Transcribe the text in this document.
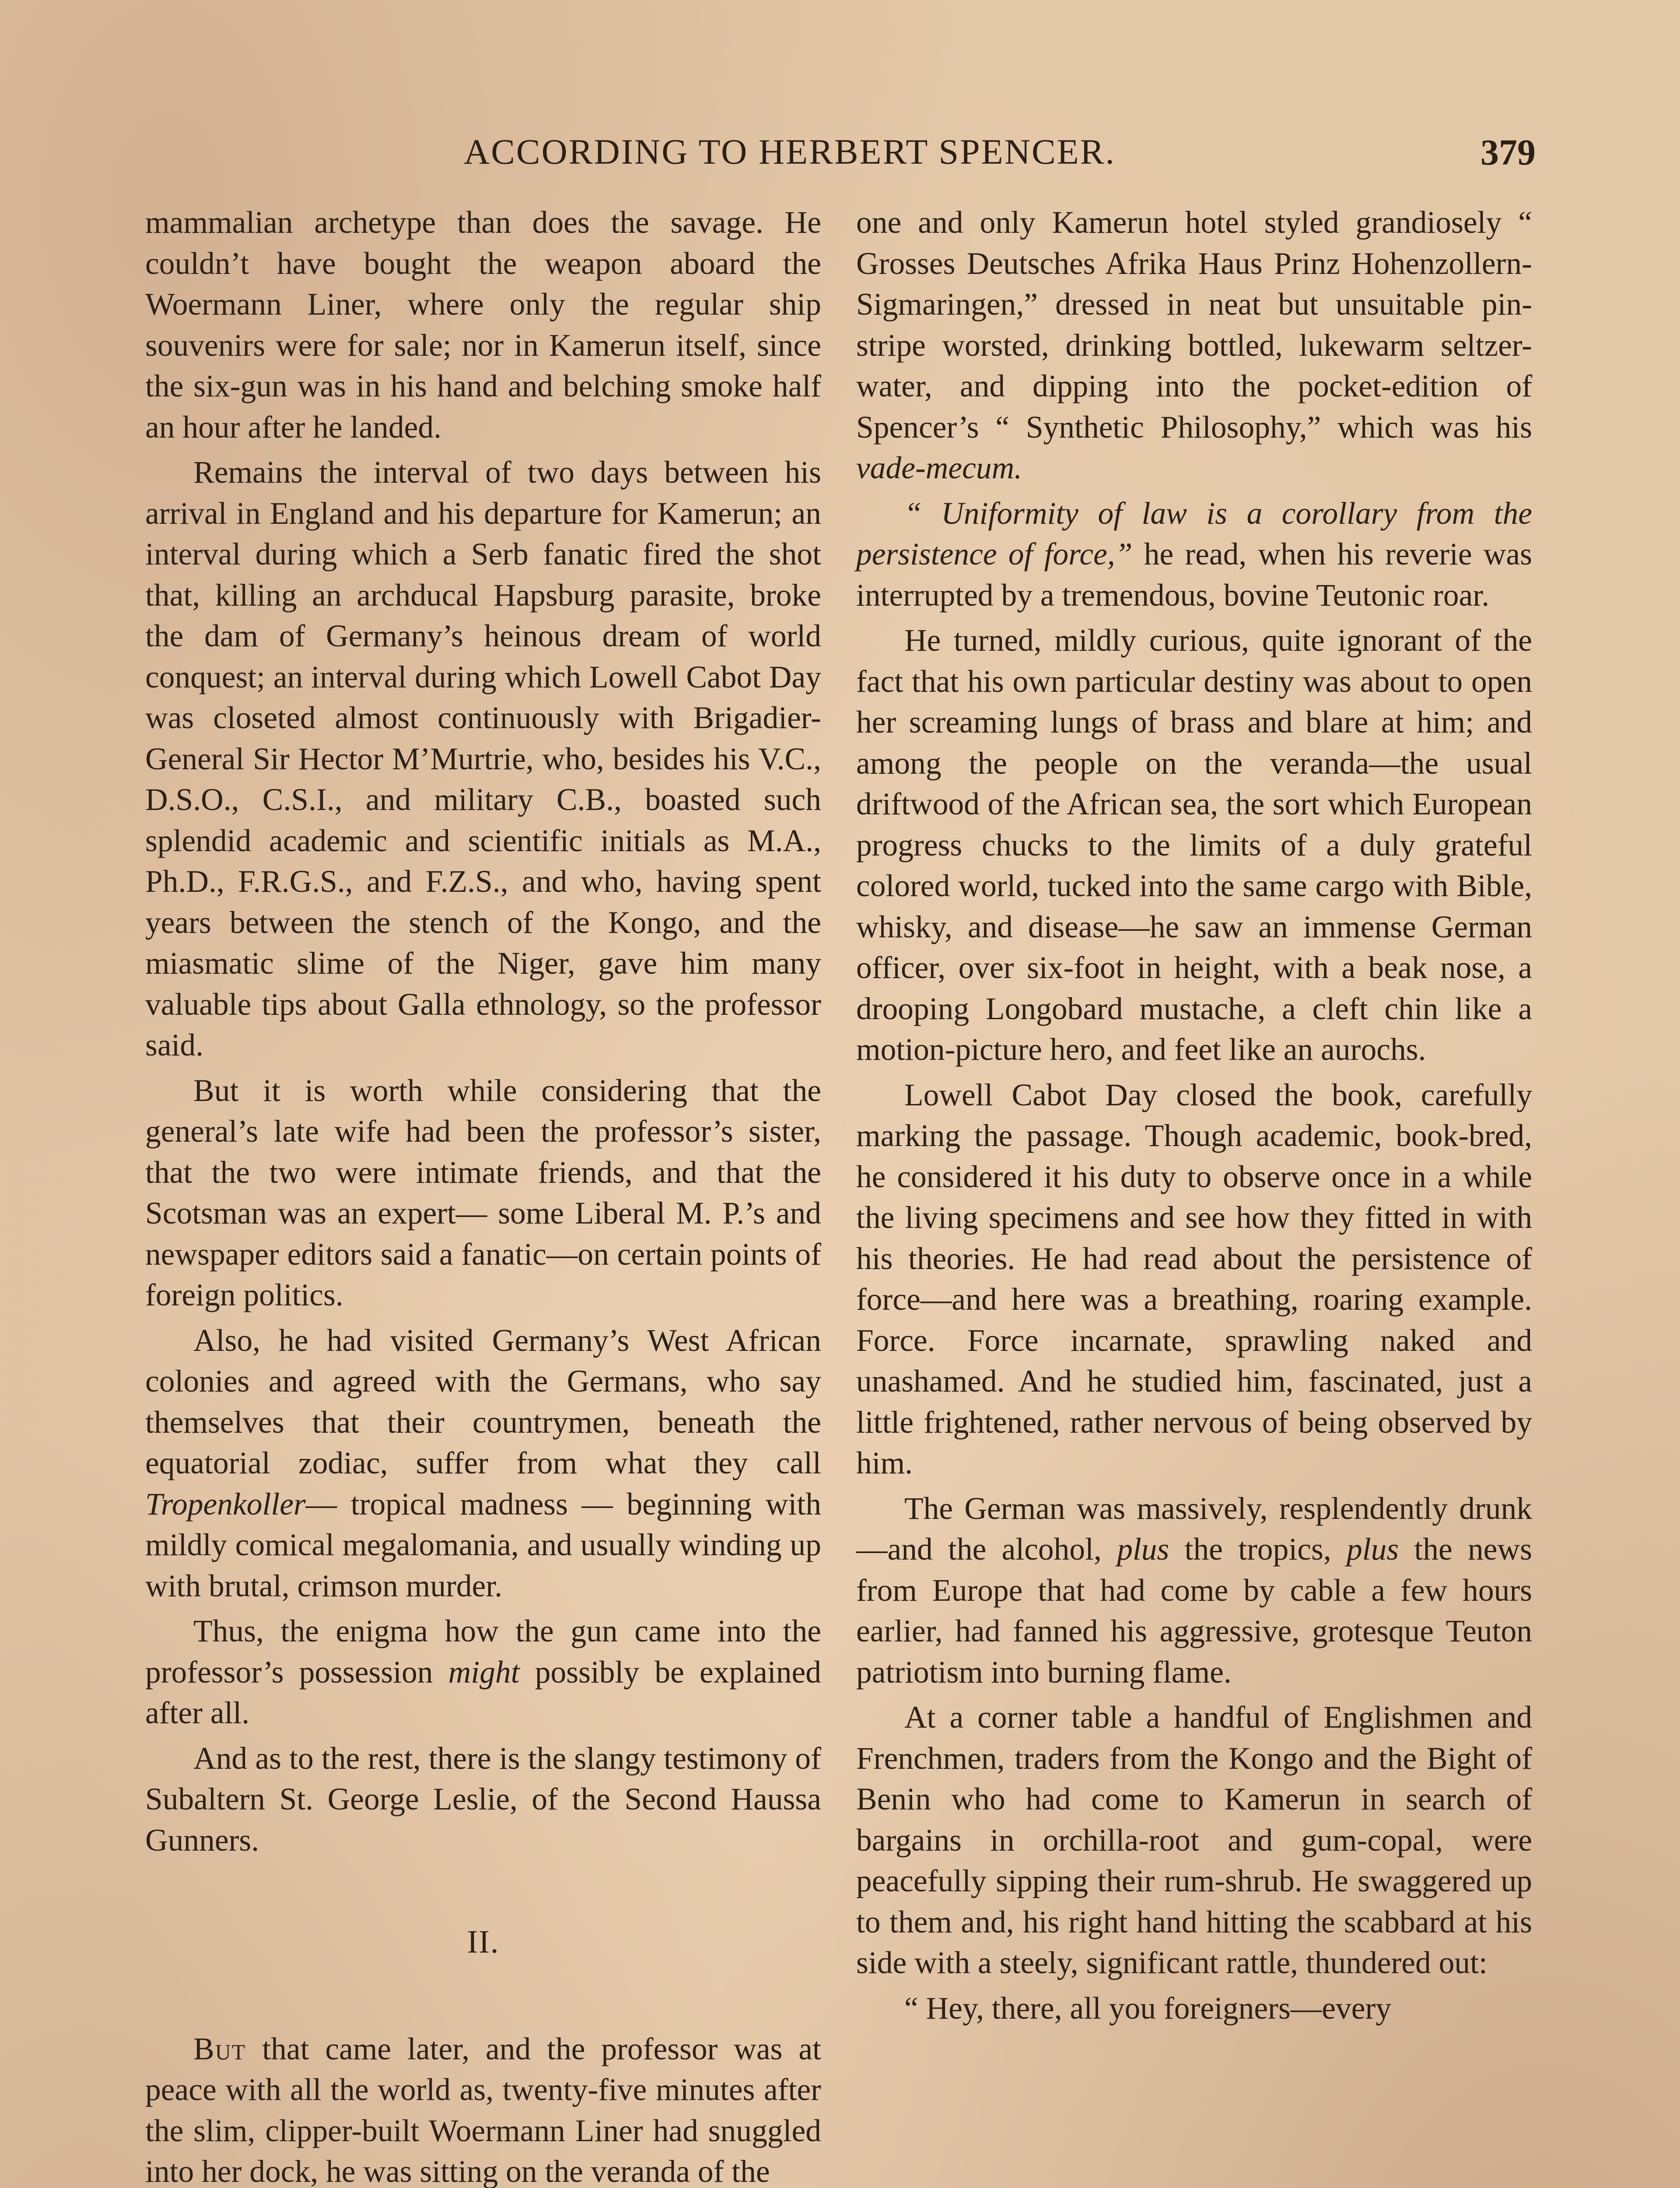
ACCORDING TO HERBERT SPENCER.	379

mammalian archetype than does the savage. He couldn’t have bought the weapon aboard the Woermann Liner, where only the regular ship souvenirs were for sale; nor in Kamerun itself, since the six-gun was in his hand and belching smoke half an hour after he landed.

Remains the interval of two days between his arrival in England and his departure for Kamerun; an interval during which a Serb fanatic fired the shot that, killing an archducal Hapsburg parasite, broke the dam of Germany’s heinous dream of world conquest; an interval during which Lowell Cabot Day was closeted almost continuously with Brigadier-General Sir Hector M’Murtrie, who, besides his V.C., D.S.O., C.S.I., and military C.B., boasted such splendid academic and scientific initials as M.A., Ph.D., F.R.G.S., and F.Z.S., and who, having spent years between the stench of the Kongo, and the miasmatic slime of the Niger, gave him many valuable tips about Galla ethnology, so the professor said.

But it is worth while considering that the general’s late wife had been the professor’s sister, that the two were intimate friends, and that the Scotsman was an expert— some Liberal M. P.’s and newspaper editors said a fanatic—on certain points of foreign politics.

Also, he had visited Germany’s West African colonies and agreed with the Germans, who say themselves that their countrymen, beneath the equatorial zodiac, suffer from what they call Tropenkoller— tropical madness — beginning with mildly comical megalomania, and usually winding up with brutal, crimson murder.

Thus, the enigma how the gun came into the professor’s possession might possibly be explained after all.

And as to the rest, there is the slangy testimony of Subaltern St. George Leslie, of the Second Haussa Gunners.

II.

But that came later, and the professor was at peace with all the world as, twenty-five minutes after the slim, clipper-built Woermann Liner had snuggled into her dock, he was sitting on the veranda of the

one and only Kamerun hotel styled grandiosely “ Grosses Deutsches Afrika Haus Prinz Hohenzollern-Sigmaringen,” dressed in neat but unsuitable pin-stripe worsted, drinking bottled, lukewarm seltzer-water, and dipping into the pocket-edition of Spencer’s “ Synthetic Philosophy,” which was his vade-mecum.

“ Uniformity of law is a corollary from the persistence of force,” he read, when his reverie was interrupted by a tremendous, bovine Teutonic roar.

He turned, mildly curious, quite ignorant of the fact that his own particular destiny was about to open her screaming lungs of brass and blare at him; and among the people on the veranda—the usual driftwood of the African sea, the sort which European progress chucks to the limits of a duly grateful colored world, tucked into the same cargo with Bible, whisky, and disease—he saw an immense German officer, over six-foot in height, with a beak nose, a drooping Longobard mustache, a cleft chin like a motion-picture hero, and feet like an aurochs.

Lowell Cabot Day closed the book, carefully marking the passage. Though academic, book-bred, he considered it his duty to observe once in a while the living specimens and see how they fitted in with his theories. He had read about the persistence of force—and here was a breathing, roaring example. Force. Force incarnate, sprawling naked and unashamed. And he studied him, fascinated, just a little frightened, rather nervous of being observed by him.

The German was massively, resplendently drunk—and the alcohol, plus the tropics, plus the news from Europe that had come by cable a few hours earlier, had fanned his aggressive, grotesque Teuton patriotism into burning flame.

At a corner table a handful of Englishmen and Frenchmen, traders from the Kongo and the Bight of Benin who had come to Kamerun in search of bargains in orchilla-root and gum-copal, were peacefully sipping their rum-shrub. He swaggered up to them and, his right hand hitting the scabbard at his side with a steely, significant rattle, thundered out:

“ Hey, there, all you foreigners—every
